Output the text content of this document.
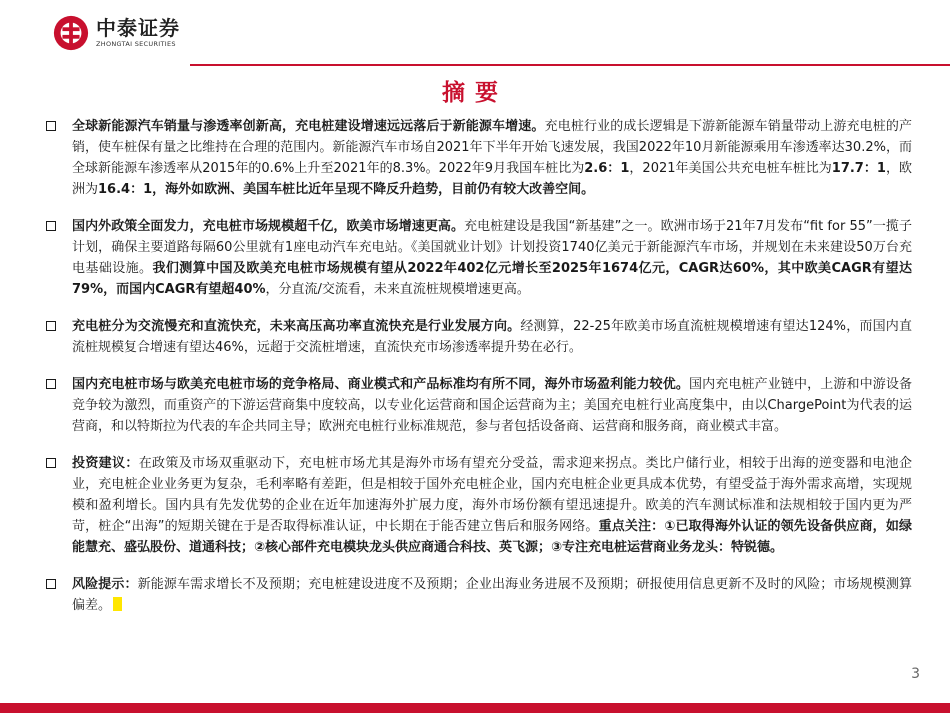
中泰证券
ZHONGTAI SECURITIES
摘要
全球新能源汽车销量与渗透率创新高，充电桩建设增速远远落后于新能源车增速。充电桩行业的成长逻辑是下游新能源车销量带动上游充电桩的产销，使车桩保有量之比维持在合理的范围内。新能源汽车市场自2021年下半年开始飞速发展，我国2022年10月新能源乘用车渗透率达30.2%，而全球新能源车渗透率从2015年的0.6%上升至2021年的8.3%。2022年9月我国车桩比为2.6：1，2021年美国公共充电桩车桩比为17.7：1，欧洲为16.4：1，海外如欧洲、美国车桩比近年呈现不降反升趋势，目前仍有较大改善空间。
国内外政策全面发力，充电桩市场规模超千亿，欧美市场增速更高。充电桩建设是我国“新基建”之一。欧洲市场于21年7月发布“fit for 55”一揽子计划，确保主要道路每隔60公里就有1座电动汽车充电站。《美国就业计划》计划投资1740亿美元于新能源汽车市场，并规划在未来建设50万台充电基础设施。我们测算中国及欧美充电桩市场规模有望从2022年402亿元增长至2025年1674亿元，CAGR达60%，其中欧美CAGR有望达79%，而国内CAGR有望超40%，分直流/交流看，未来直流桩规模增速更高。
充电桩分为交流慢充和直流快充，未来高压高功率直流快充是行业发展方向。经测算，22-25年欧美市场直流桩规模增速有望达124%，而国内直流桩规模复合增速有望达46%，远超于交流桩增速，直流快充市场渗透率提升势在必行。
国内充电桩市场与欧美充电桩市场的竞争格局、商业模式和产品标准均有所不同，海外市场盈利能力较优。国内充电桩产业链中，上游和中游设备竞争较为激烈，而重资产的下游运营商集中度较高，以专业化运营商和国企运营商为主；美国充电桩行业高度集中，由以ChargePoint为代表的运营商，和以特斯拉为代表的车企共同主导；欧洲充电桩行业标准规范，参与者包括设备商、运营商和服务商，商业模式丰富。
投资建议：在政策及市场双重驱动下，充电桩市场尤其是海外市场有望充分受益，需求迎来拐点。类比户储行业，相较于出海的逆变器和电池企业，充电桩企业业务更为复杂，毛利率略有差距，但是相较于国外充电桩企业，国内充电桩企业更具成本优势，有望受益于海外需求高增，实现规模和盈利增长。国内具有先发优势的企业在近年加速海外扩展力度，海外市场份额有望迅速提升。欧美的汽车测试标准和法规相较于国内更为严苛，桩企“出海”的短期关键在于是否取得标准认证，中长期在于能否建立售后和服务网络。重点关注：①已取得海外认证的领先设备供应商，如绿能慧充、盛弘股份、道通科技；②核心部件充电模块龙头供应商通合科技、英飞源；③专注充电桩运营商业务龙头：特锐德。
风险提示：新能源车需求增长不及预期；充电桩建设进度不及预期；企业出海业务进展不及预期；研报使用信息更新不及时的风险；市场规模测算偏差。
3
